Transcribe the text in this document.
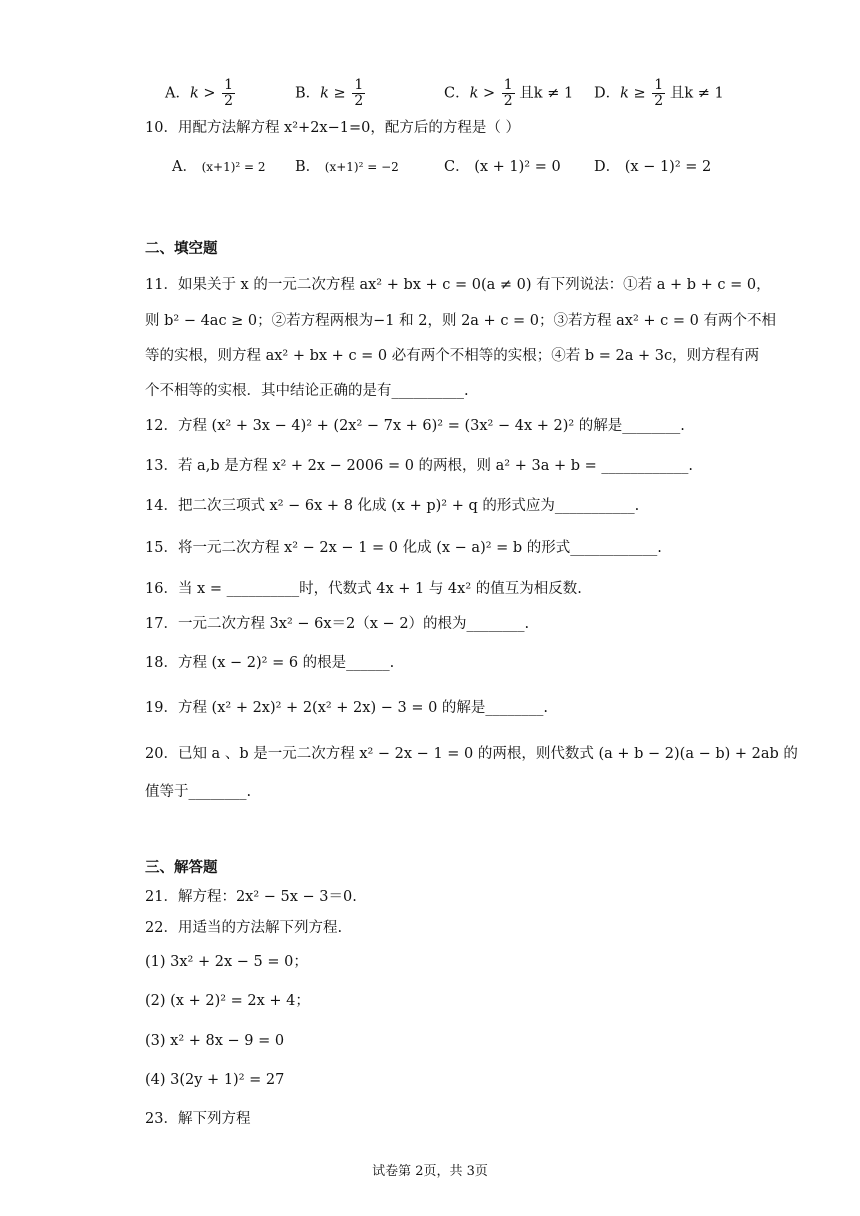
A．$k > \frac{1}{2}$	B．$k \ge \frac{1}{2}$	C．$k > \frac{1}{2}$ 且k ≠ 1 D．$k \ge \frac{1}{2}$ 且k ≠ 1
10．用配方法解方程 x²+2x−1=0，配方后的方程是（ ）
A． (x+1)² = 2 B． (x+1)² = −2	C． (x + 1)² = 0 D． (x − 1)² = 2
二、填空题
11．如果关于 x 的一元二次方程 ax² + bx + c = 0(a ≠ 0) 有下列说法：①若 a + b + c = 0，
则 b² − 4ac ≥ 0；②若方程两根为−1 和 2，则 2a + c = 0；③若方程 ax² + c = 0 有两个不相
等的实根，则方程 ax² + bx + c = 0 必有两个不相等的实根；④若 b = 2a + 3c，则方程有两
个不相等的实根．其中结论正确的是有__________.
12．方程 (x² + 3x − 4)² + (2x² − 7x + 6)² = (3x² − 4x + 2)² 的解是________.
13．若 a,b 是方程 x² + 2x − 2006 = 0 的两根，则 a² + 3a + b = ____________.
14．把二次三项式 x² − 6x + 8 化成 (x + p)² + q 的形式应为___________.
15．将一元二次方程 x² − 2x − 1 = 0 化成 (x − a)² = b 的形式____________.
16．当 x = __________时，代数式 4x + 1 与 4x² 的值互为相反数.
17．一元二次方程 3x² − 6x＝2（x − 2）的根为________.
18．方程 (x − 2)² = 6 的根是______.
19．方程 (x² + 2x)² + 2(x² + 2x) − 3 = 0 的解是________.
20．已知 a 、b 是一元二次方程 x² − 2x − 1 = 0 的两根，则代数式 (a + b − 2)(a − b) + 2ab 的
值等于________.
三、解答题
21．解方程：2x² − 5x − 3＝0.
22．用适当的方法解下列方程.
(1) 3x² + 2x − 5 = 0；
(2) (x + 2)² = 2x + 4；
(3) x² + 8x − 9 = 0
(4) 3(2y + 1)² = 27
23．解下列方程
试卷第 2页，共 3页
